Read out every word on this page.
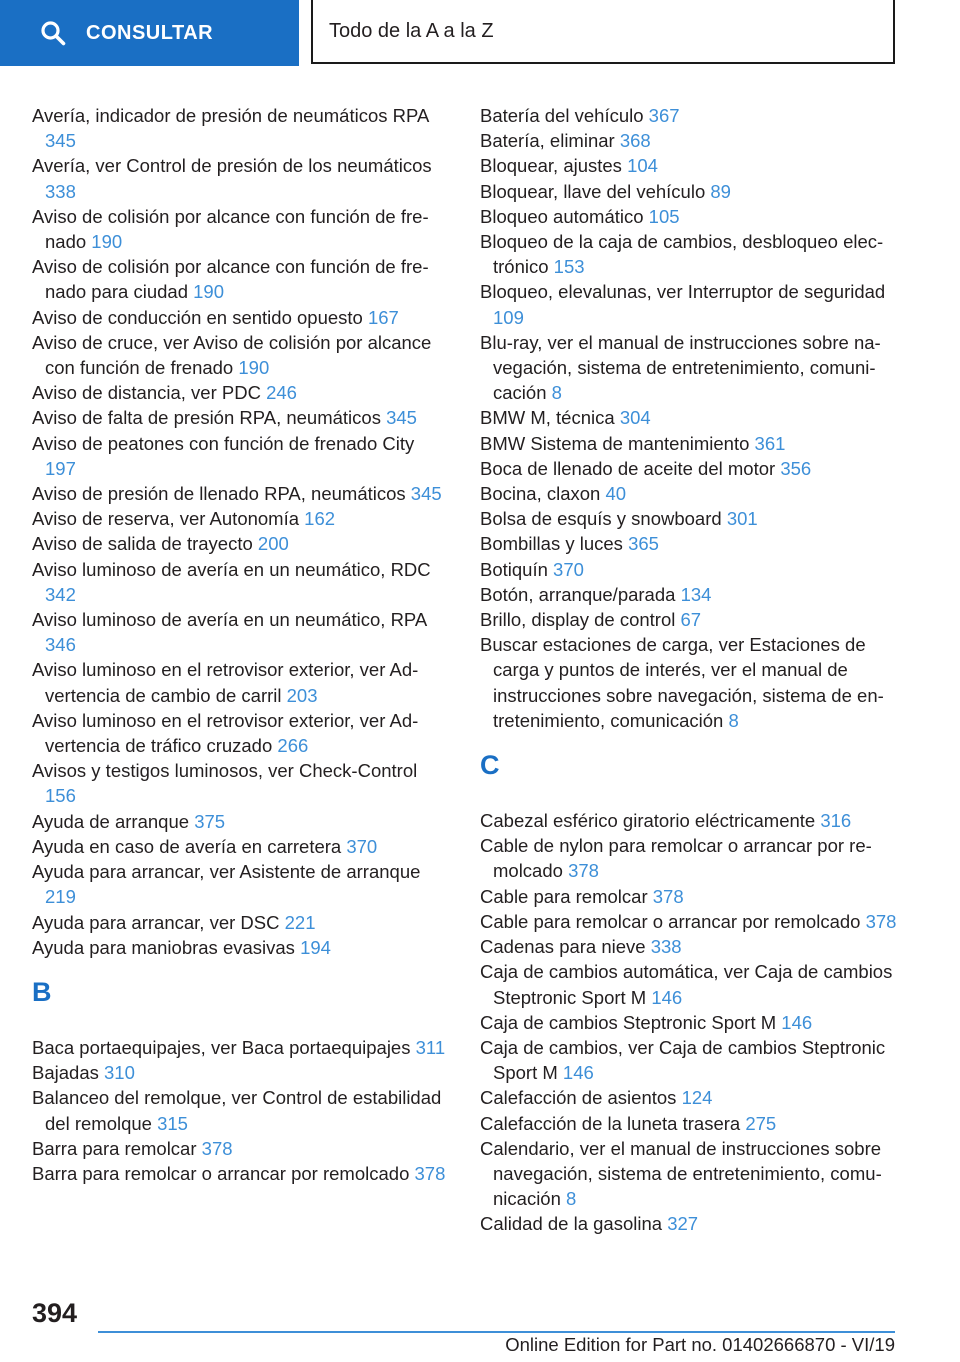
CONSULTAR	Todo de la A a la Z
Avería, indicador de presión de neumáticos RPA 345
Avería, ver Control de presión de los neumáticos 338
Aviso de colisión por alcance con función de frenado 190
Aviso de colisión por alcance con función de frenado para ciudad 190
Aviso de conducción en sentido opuesto 167
Aviso de cruce, ver Aviso de colisión por alcance con función de frenado 190
Aviso de distancia, ver PDC 246
Aviso de falta de presión RPA, neumáticos 345
Aviso de peatones con función de frenado City 197
Aviso de presión de llenado RPA, neumáticos 345
Aviso de reserva, ver Autonomía 162
Aviso de salida de trayecto 200
Aviso luminoso de avería en un neumático, RDC 342
Aviso luminoso de avería en un neumático, RPA 346
Aviso luminoso en el retrovisor exterior, ver Advertencia de cambio de carril 203
Aviso luminoso en el retrovisor exterior, ver Advertencia de tráfico cruzado 266
Avisos y testigos luminosos, ver Check-Control 156
Ayuda de arranque 375
Ayuda en caso de avería en carretera 370
Ayuda para arrancar, ver Asistente de arranque 219
Ayuda para arrancar, ver DSC 221
Ayuda para maniobras evasivas 194
B
Baca portaequipajes, ver Baca portaequipajes 311
Bajadas 310
Balanceo del remolque, ver Control de estabilidad del remolque 315
Barra para remolcar 378
Barra para remolcar o arrancar por remolcado 378
Batería del vehículo 367
Batería, eliminar 368
Bloquear, ajustes 104
Bloquear, llave del vehículo 89
Bloqueo automático 105
Bloqueo de la caja de cambios, desbloqueo electrónico 153
Bloqueo, elevalunas, ver Interruptor de seguridad 109
Blu-ray, ver el manual de instrucciones sobre navegación, sistema de entretenimiento, comunicación 8
BMW M, técnica 304
BMW Sistema de mantenimiento 361
Boca de llenado de aceite del motor 356
Bocina, claxon 40
Bolsa de esquís y snowboard 301
Bombillas y luces 365
Botiquín 370
Botón, arranque/parada 134
Brillo, display de control 67
Buscar estaciones de carga, ver Estaciones de carga y puntos de interés, ver el manual de instrucciones sobre navegación, sistema de entretenimiento, comunicación 8
C
Cabezal esférico giratorio eléctricamente 316
Cable de nylon para remolcar o arrancar por remolcado 378
Cable para remolcar 378
Cable para remolcar o arrancar por remolcado 378
Cadenas para nieve 338
Caja de cambios automática, ver Caja de cambios Steptronic Sport M 146
Caja de cambios Steptronic Sport M 146
Caja de cambios, ver Caja de cambios Steptronic Sport M 146
Calefacción de asientos 124
Calefacción de la luneta trasera 275
Calendario, ver el manual de instrucciones sobre navegación, sistema de entretenimiento, comunicación 8
Calidad de la gasolina 327
394
Online Edition for Part no. 01402666870 - VI/19
